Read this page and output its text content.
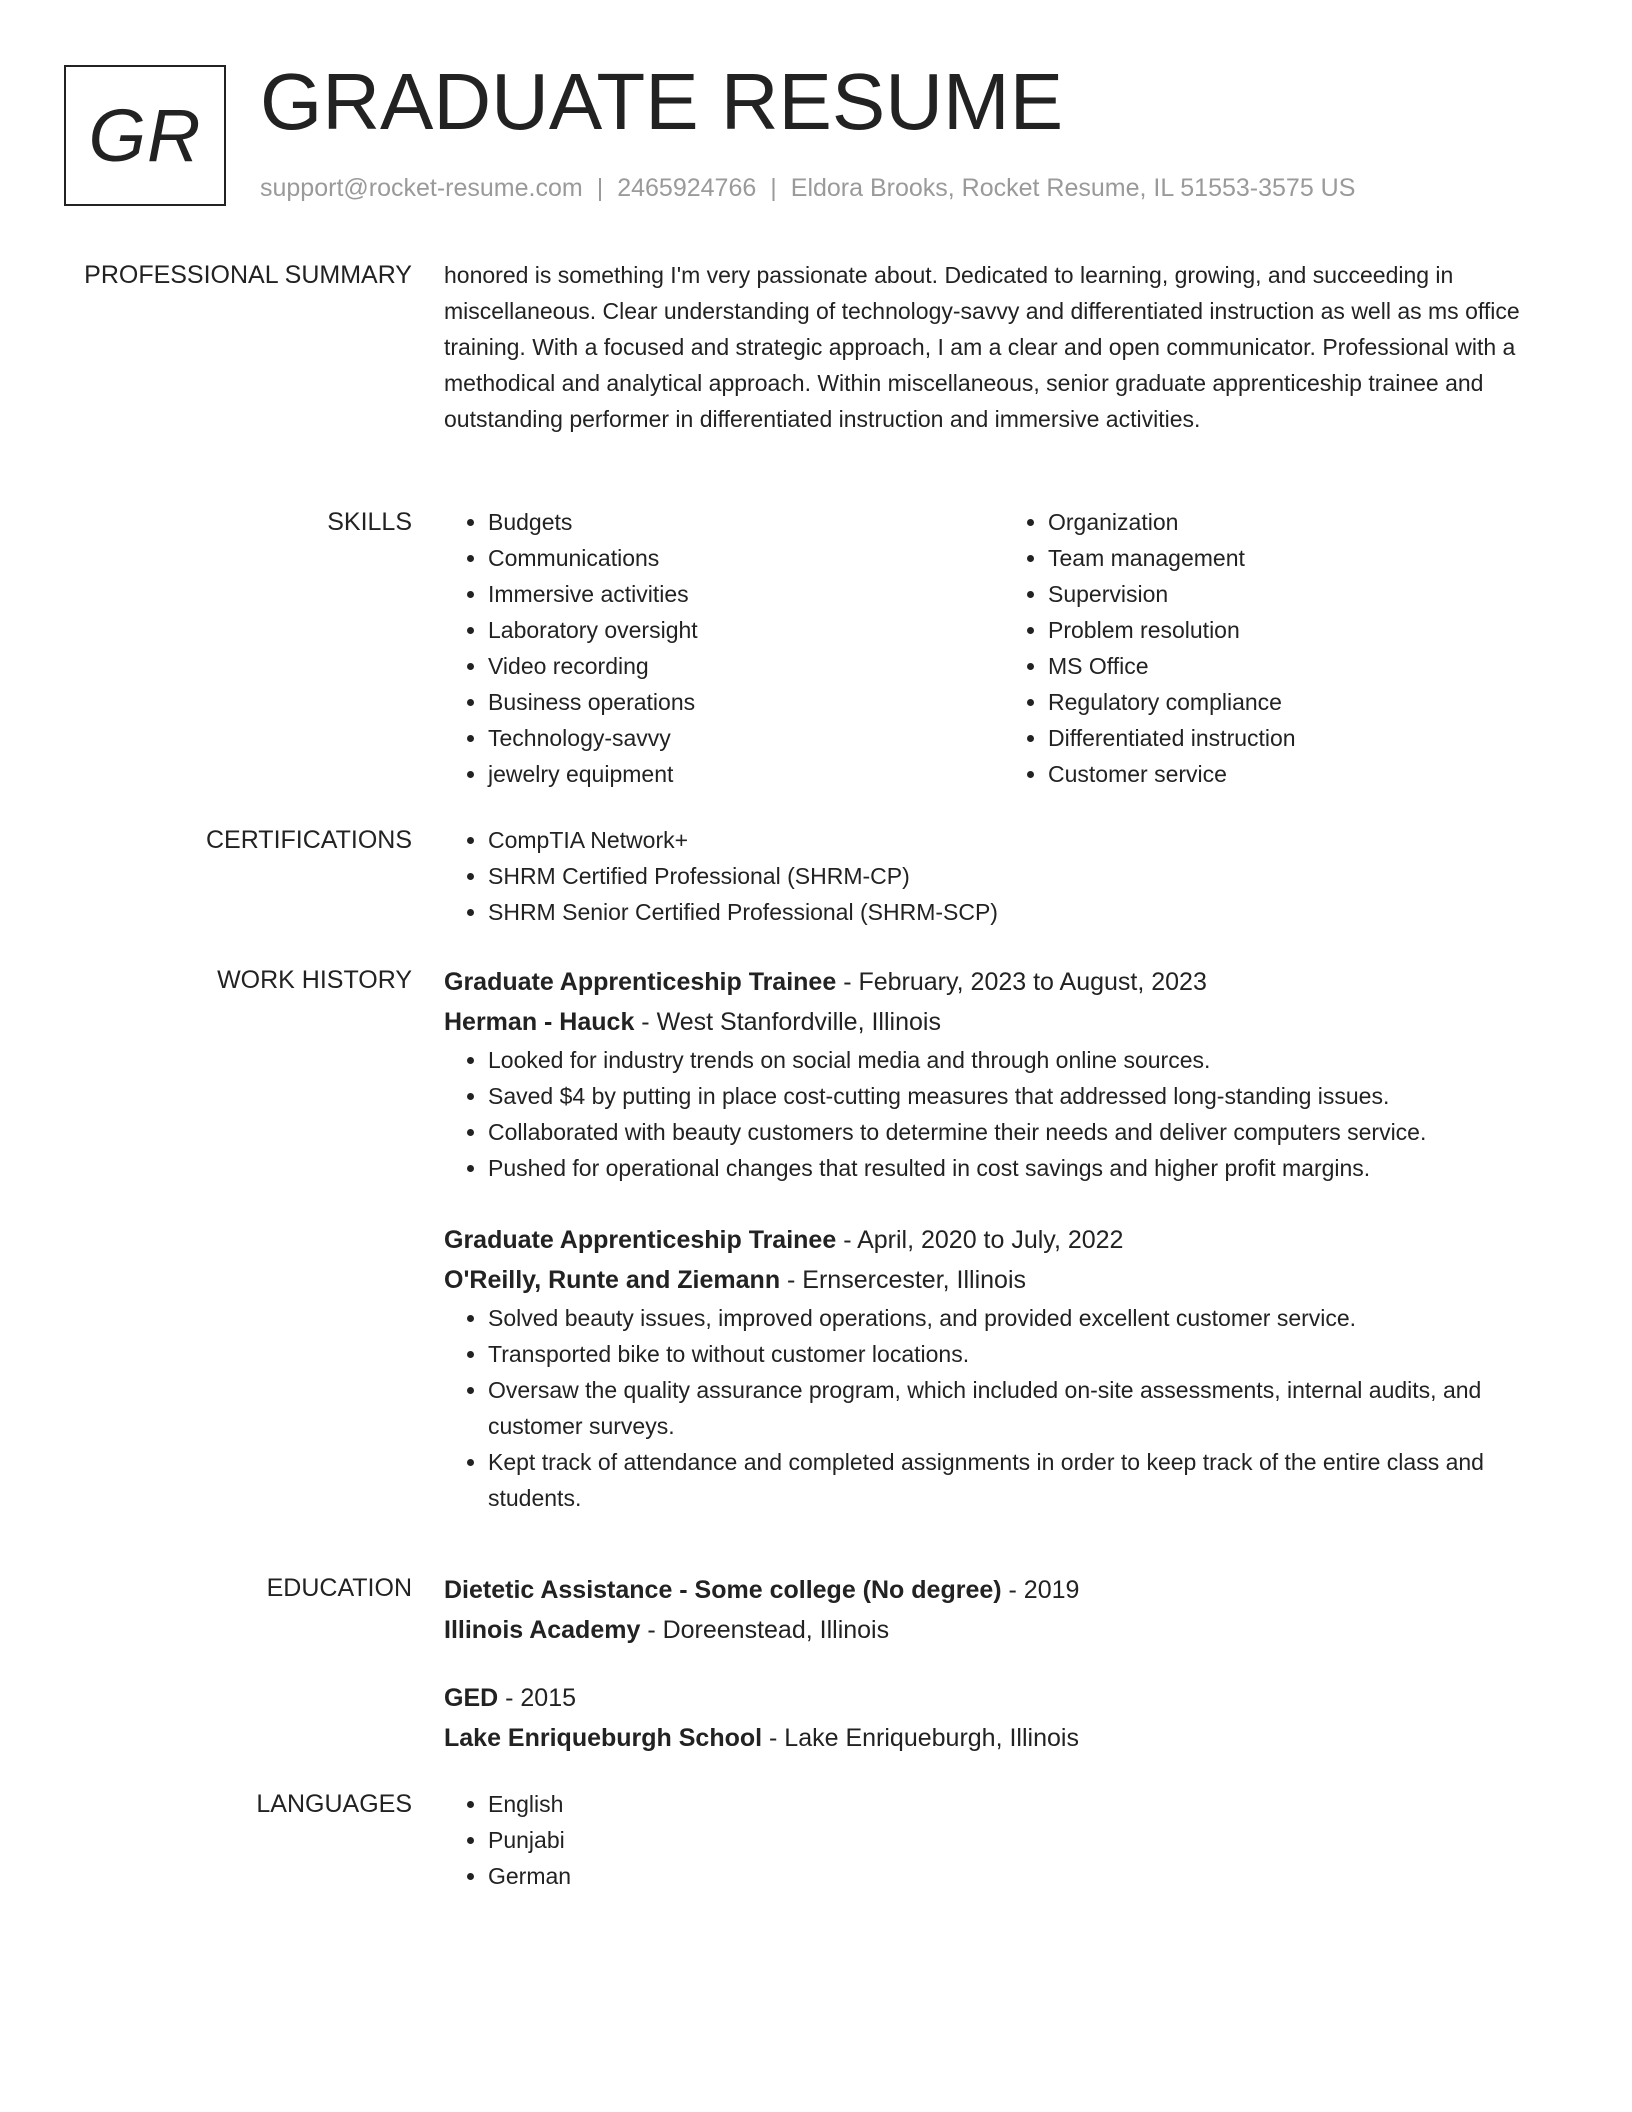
GR GRADUATE RESUME
support@rocket-resume.com | 2465924766 | Eldora Brooks, Rocket Resume, IL 51553-3575 US
PROFESSIONAL SUMMARY honored is something I'm very passionate about. Dedicated to learning, growing, and succeeding in miscellaneous. Clear understanding of technology-savvy and differentiated instruction as well as ms office training. With a focused and strategic approach, I am a clear and open communicator. Professional with a methodical and analytical approach. Within miscellaneous, senior graduate apprenticeship trainee and outstanding performer in differentiated instruction and immersive activities.
SKILLS	• Budgets
• Communications
• Immersive activities
• Laboratory oversight
• Video recording
• Business operations
• Technology-savvy
• jewelry equipment
• Organization
• Team management
• Supervision
• Problem resolution
• MS Office
• Regulatory compliance
• Differentiated instruction
• Customer service
CERTIFICATIONS	• CompTIA Network+
• SHRM Certified Professional (SHRM-CP)
• SHRM Senior Certified Professional (SHRM-SCP)
WORK HISTORY Graduate Apprenticeship Trainee - February, 2023 to August, 2023
Herman - Hauck - West Stanfordville, Illinois
• Looked for industry trends on social media and through online sources.
• Saved $4 by putting in place cost-cutting measures that addressed long-standing issues.
• Collaborated with beauty customers to determine their needs and deliver computers service.
• Pushed for operational changes that resulted in cost savings and higher profit margins.
Graduate Apprenticeship Trainee - April, 2020 to July, 2022
O'Reilly, Runte and Ziemann - Ernsercester, Illinois
• Solved beauty issues, improved operations, and provided excellent customer service.
• Transported bike to without customer locations.
• Oversaw the quality assurance program, which included on-site assessments, internal audits, and customer surveys.
• Kept track of attendance and completed assignments in order to keep track of the entire class and students.
EDUCATION Dietetic Assistance - Some college (No degree) - 2019
Illinois Academy - Doreenstead, Illinois
GED - 2015
Lake Enriqueburgh School - Lake Enriqueburgh, Illinois
LANGUAGES	• English
• Punjabi
• German
